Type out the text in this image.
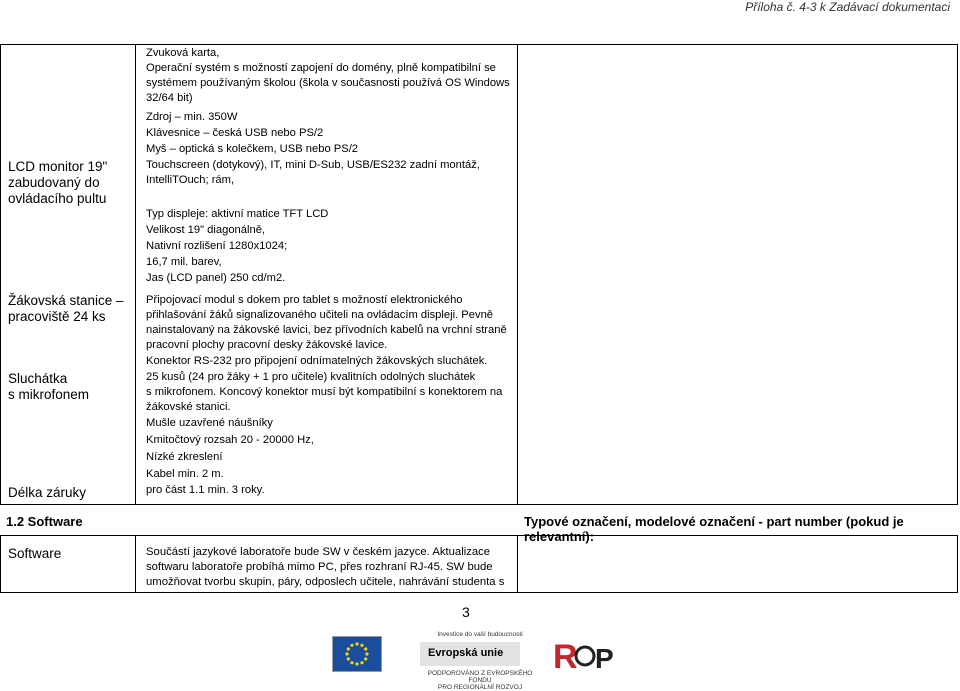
Příloha č. 4-3 k Zadávací dokumentaci
LCD monitor 19"
zabudovaný do
ovládacího pultu
Žákovská stanice –
pracoviště 24 ks
Sluchátka
s mikrofonem
Délka záruky
Zvuková karta,
Operační systém s možností zapojení do domény, plně kompatibilní se
systémem používaným školou (škola v současnosti používá OS Windows
32/64 bit)
Zdroj – min. 350W
Klávesnice – česká USB nebo PS/2
Myš – optická s kolečkem, USB nebo PS/2
Touchscreen (dotykový), IT, mini D-Sub, USB/ES232 zadní montáž,
IntelliTOuch; rám,
Typ displeje: aktivní matice TFT LCD
Velikost 19" diagonálně,
Nativní rozlišení 1280x1024;
16,7 mil. barev,
Jas (LCD panel) 250 cd/m2.
Připojovací modul s dokem pro tablet s možností elektronického
přihlašování žáků signalizovaného učiteli na ovládacím displeji. Pevně
nainstalovaný na žákovské lavici, bez přívodních kabelů na vrchní straně
pracovní plochy pracovní desky žákovské lavice.
Konektor RS-232 pro připojení odnímatelných žákovských sluchátek.
25 kusů (24 pro žáky + 1 pro učitele) kvalitních odolných sluchátek
s mikrofonem. Koncový konektor musí být kompatibilní s konektorem na
žákovské stanici.
Mušle uzavřené náušníky
Kmitočtový rozsah 20 - 20000 Hz,
Nízké zkreslení
Kabel min. 2 m.
pro část 1.1 min. 3 roky.
1.2 Software	Typové označení, modelové označení - part number (pokud je relevantní):
Software	Součástí jazykové laboratoře bude SW v českém jazyce. Aktualizace
softwaru laboratoře probíhá mimo PC, přes rozhraní RJ-45. SW bude
umožňovat tvorbu skupin, páry, odposlech učitele, nahrávání studenta s
3
Investice do vaší budoucnosti
Evropská unie
PODPOROVÁNO Z EVROPSKÉHO FONDU
PRO REGIONÁLNÍ ROZVOJ
R P
